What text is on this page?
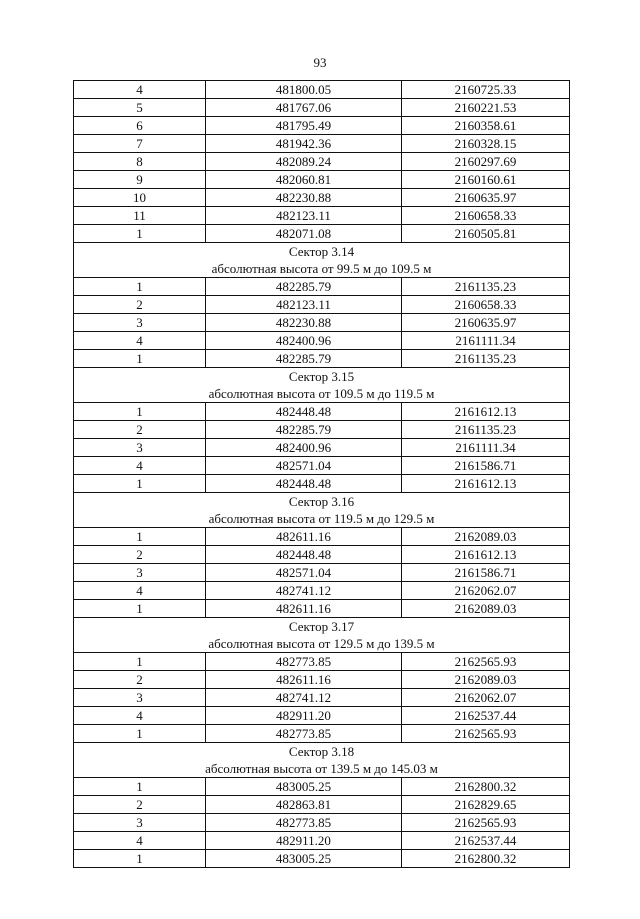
93
4	481800.05	2160725.33
5	481767.06	2160221.53
6	481795.49	2160358.61
7	481942.36	2160328.15
8	482089.24	2160297.69
9	482060.81	2160160.61
10	482230.88	2160635.97
11	482123.11	2160658.33
1	482071.08	2160505.81

Сектор 3.14
абсолютная высота от 99.5 м до 109.5 м		

1	482285.79	2161135.23
2	482123.11	2160658.33
3	482230.88	2160635.97
4	482400.96	2161111.34
1	482285.79	2161135.23

Сектор 3.15
абсолютная высота от 109.5 м до 119.5 м		

1	482448.48	2161612.13
2	482285.79	2161135.23
3	482400.96	2161111.34
4	482571.04	2161586.71
1	482448.48	2161612.13

Сектор 3.16
абсолютная высота от 119.5 м до 129.5 м		

1	482611.16	2162089.03
2	482448.48	2161612.13
3	482571.04	2161586.71
4	482741.12	2162062.07
1	482611.16	2162089.03

Сектор 3.17
абсолютная высота от 129.5 м до 139.5 м		

1	482773.85	2162565.93
2	482611.16	2162089.03
3	482741.12	2162062.07
4	482911.20	2162537.44
1	482773.85	2162565.93

Сектор 3.18
абсолютная высота от 139.5 м до 145.03 м		

1	483005.25	2162800.32
2	482863.81	2162829.65
3	482773.85	2162565.93
4	482911.20	2162537.44
1	483005.25	2162800.32
